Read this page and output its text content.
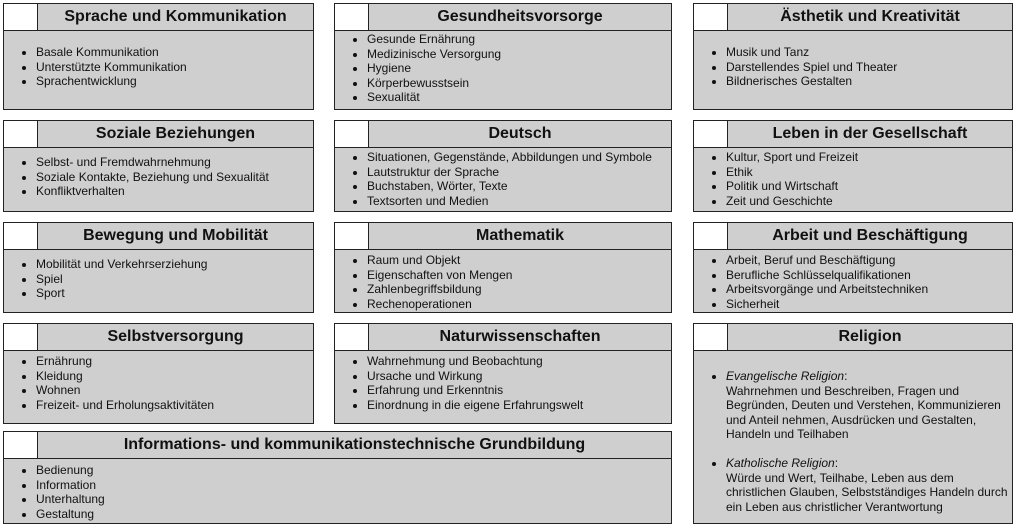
Religion
• Evangelische Religion:
Wahrnehmen und Beschreiben, Fragen und Begründen, Deuten und Verstehen, Kommunizieren und Anteil nehmen, Ausdrücken und Gestalten, Handeln und Teilhaben
• Katholische Religion:
Würde und Wert, Teilhabe, Leben aus dem christlichen Glauben, Selbstständiges Handeln durch ein Leben aus christlicher Verantwortung
Sprache und Kommunikation
• Basale Kommunikation
• Unterstützte Kommunikation
• Sprachentwicklung
Gesundheitsvorsorge
• Gesunde Ernährung
• Medizinische Versorgung
• Hygiene
• Körperbewusstsein
• Sexualität
Ästhetik und Kreativität
• Musik und Tanz
• Darstellendes Spiel und Theater
• Bildnerisches Gestalten
Soziale Beziehungen
• Selbst- und Fremdwahrnehmung
• Soziale Kontakte, Beziehung und Sexualität
• Konfliktverhalten
Deutsch
• Situationen, Gegenstände, Abbildungen und Symbole
• Lautstruktur der Sprache
• Buchstaben, Wörter, Texte
• Textsorten und Medien
Leben in der Gesellschaft
• Kultur, Sport und Freizeit
• Ethik
• Politik und Wirtschaft
• Zeit und Geschichte
Bewegung und Mobilität
• Mobilität und Verkehrserziehung
• Spiel
• Sport
Mathematik
• Raum und Objekt
• Eigenschaften von Mengen
• Zahlenbegriffsbildung
• Rechenoperationen
Arbeit und Beschäftigung
• Arbeit, Beruf und Beschäftigung
• Berufliche Schlüsselqualifikationen
• Arbeitsvorgänge und Arbeitstechniken
• Sicherheit
Selbstversorgung
• Ernährung
• Kleidung
• Wohnen
• Freizeit- und Erholungsaktivitäten
Naturwissenschaften
• Wahrnehmung und Beobachtung
• Ursache und Wirkung
• Erfahrung und Erkenntnis
• Einordnung in die eigene Erfahrungswelt
Informations- und kommunikationstechnische Grundbildung
• Bedienung
• Information
• Unterhaltung
• Gestaltung
